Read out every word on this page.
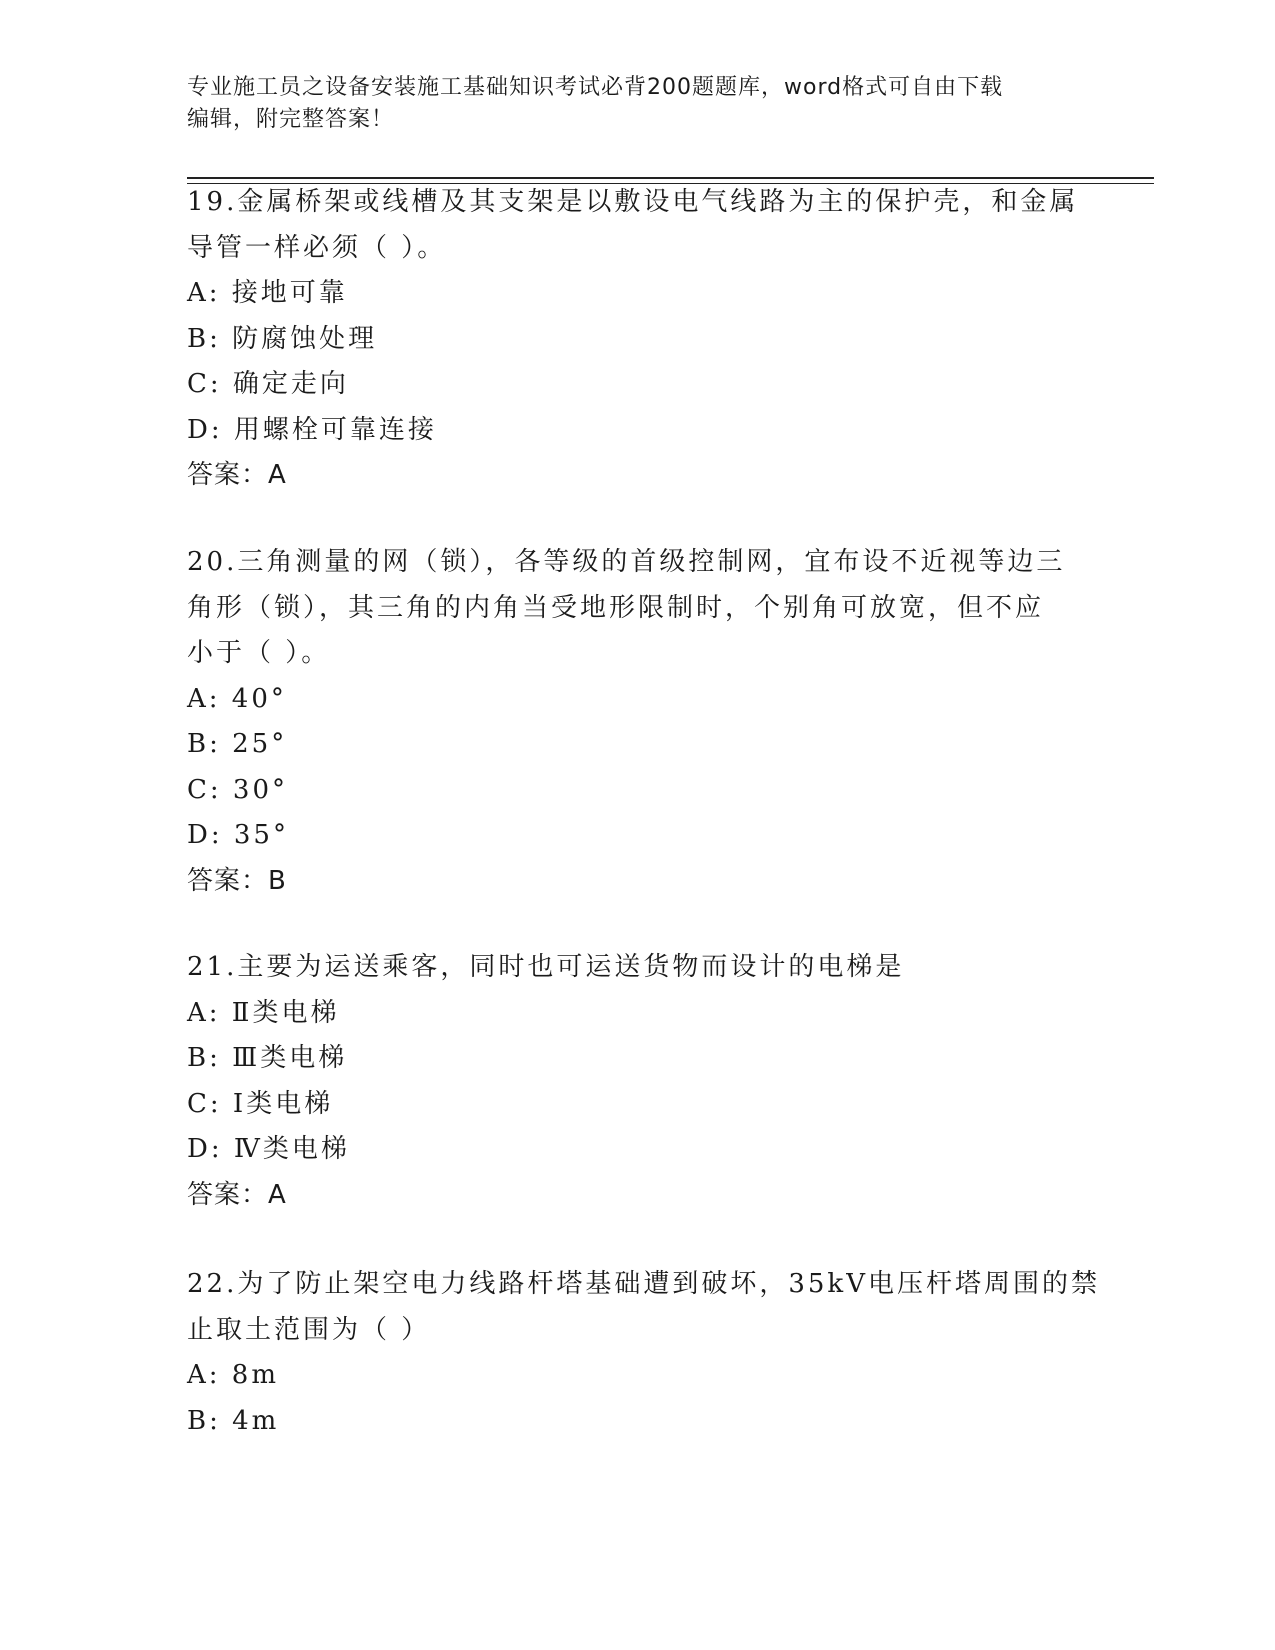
专业施工员之设备安装施工基础知识考试必背200题题库，word格式可自由下载
编辑，附完整答案！
19.金属桥架或线槽及其支架是以敷设电气线路为主的保护壳，和金属
导管一样必须（ ）。
A: 接地可靠
B: 防腐蚀处理
C: 确定走向
D: 用螺栓可靠连接
答案：A
20.三角测量的网（锁），各等级的首级控制网，宜布设不近视等边三
角形（锁），其三角的内角当受地形限制时，个别角可放宽，但不应
小于（ ）。
A: 40°
B: 25°
C: 30°
D: 35°
答案：B
21.主要为运送乘客，同时也可运送货物而设计的电梯是
A: Ⅱ类电梯
B: Ⅲ类电梯
C: Ⅰ类电梯
D: Ⅳ类电梯
答案：A
22.为了防止架空电力线路杆塔基础遭到破坏，35kV电压杆塔周围的禁
止取土范围为（ ）
A: 8m
B: 4m
